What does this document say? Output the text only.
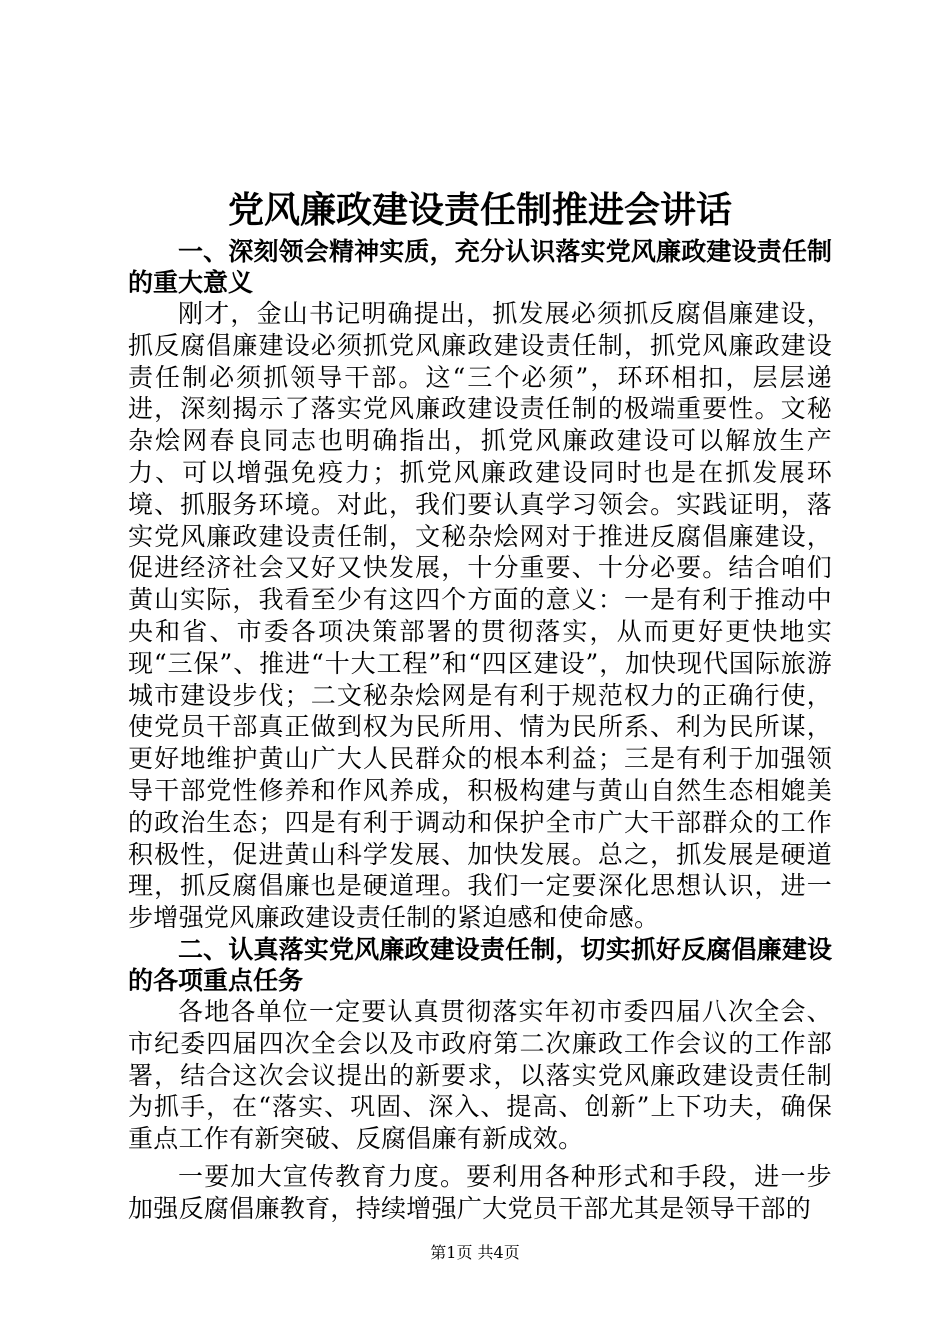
党风廉政建设责任制推进会讲话

一、深刻领会精神实质，充分认识落实党风廉政建设责任制的重大意义

刚才，金山书记明确提出，抓发展必须抓反腐倡廉建设，抓反腐倡廉建设必须抓党风廉政建设责任制，抓党风廉政建设责任制必须抓领导干部。这“三个必须”，环环相扣，层层递进，深刻揭示了落实党风廉政建设责任制的极端重要性。文秘杂烩网春良同志也明确指出，抓党风廉政建设可以解放生产力、可以增强免疫力；抓党风廉政建设同时也是在抓发展环境、抓服务环境。对此，我们要认真学习领会。实践证明，落实党风廉政建设责任制，文秘杂烩网对于推进反腐倡廉建设，促进经济社会又好又快发展，十分重要、十分必要。结合咱们黄山实际，我看至少有这四个方面的意义：一是有利于推动中央和省、市委各项决策部署的贯彻落实，从而更好更快地实现“三保”、推进“十大工程”和“四区建设”，加快现代国际旅游城市建设步伐；二文秘杂烩网是有利于规范权力的正确行使，使党员干部真正做到权为民所用、情为民所系、利为民所谋，更好地维护黄山广大人民群众的根本利益；三是有利于加强领导干部党性修养和作风养成，积极构建与黄山自然生态相媲美的政治生态；四是有利于调动和保护全市广大干部群众的工作积极性，促进黄山科学发展、加快发展。总之，抓发展是硬道理，抓反腐倡廉也是硬道理。我们一定要深化思想认识，进一步增强党风廉政建设责任制的紧迫感和使命感。

二、认真落实党风廉政建设责任制，切实抓好反腐倡廉建设的各项重点任务

各地各单位一定要认真贯彻落实年初市委四届八次全会、市纪委四届四次全会以及市政府第二次廉政工作会议的工作部署，结合这次会议提出的新要求，以落实党风廉政建设责任制为抓手，在“落实、巩固、深入、提高、创新”上下功夫，确保重点工作有新突破、反腐倡廉有新成效。

一要加大宣传教育力度。要利用各种形式和手段，进一步加强反腐倡廉教育，持续增强广大党员干部尤其是领导干部的

第1页 共4页
